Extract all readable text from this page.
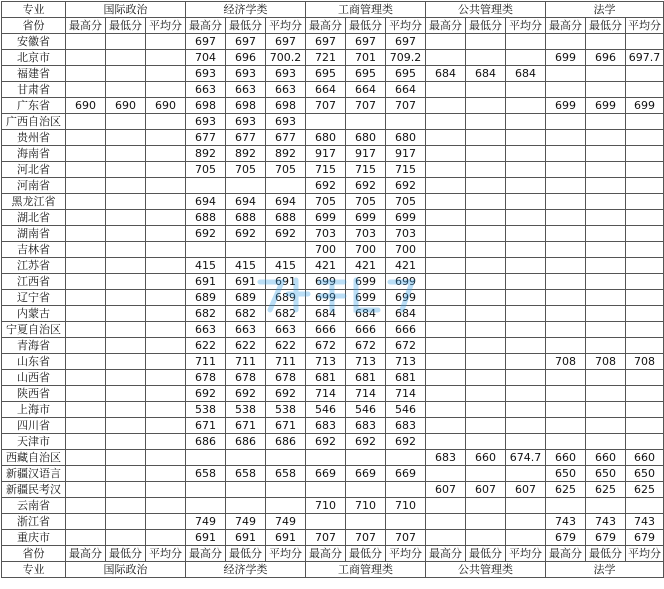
专业	国际政治			经济学类			工商管理类			公共管理类			法学		
省份	最高分	最低分	平均分	最高分	最低分	平均分	最高分	最低分	平均分	最高分	最低分	平均分	最高分	最低分	平均分
安徽省				697	697	697	697	697	697						
北京市				704	696	700.2	721	701	709.2				699	696	697.7
福建省				693	693	693	695	695	695	684	684	684			
甘肃省				663	663	663	664	664	664						
广东省	690	690	690	698	698	698	707	707	707				699	699	699
广西自治区				693	693	693									
贵州省				677	677	677	680	680	680						
海南省				892	892	892	917	917	917						
河北省				705	705	705	715	715	715						
河南省							692	692	692						
黑龙江省				694	694	694	705	705	705						
湖北省				688	688	688	699	699	699						
湖南省				692	692	692	703	703	703						
吉林省							700	700	700						
江苏省				415	415	415	421	421	421						
江西省				691	691	691	699	699	699						
辽宁省				689	689	689	699	699	699						
内蒙古				682	682	682	684	684	684						
宁夏自治区				663	663	663	666	666	666						
青海省				622	622	622	672	672	672						
山东省				711	711	711	713	713	713				708	708	708
山西省				678	678	678	681	681	681						
陕西省				692	692	692	714	714	714						
上海市				538	538	538	546	546	546						
四川省				671	671	671	683	683	683						
天津市				686	686	686	692	692	692						
西藏自治区										683	660	674.7	660	660	660
新疆汉语言				658	658	658	669	669	669				650	650	650
新疆民考汉										607	607	607	625	625	625
云南省							710	710	710						
浙江省				749	749	749							743	743	743
重庆市				691	691	691	707	707	707				679	679	679
省份	最高分	最低分	平均分	最高分	最低分	平均分	最高分	最低分	平均分	最高分	最低分	平均分	最高分	最低分	平均分
专业	国际政治			经济学类			工商管理类			公共管理类			法学		
